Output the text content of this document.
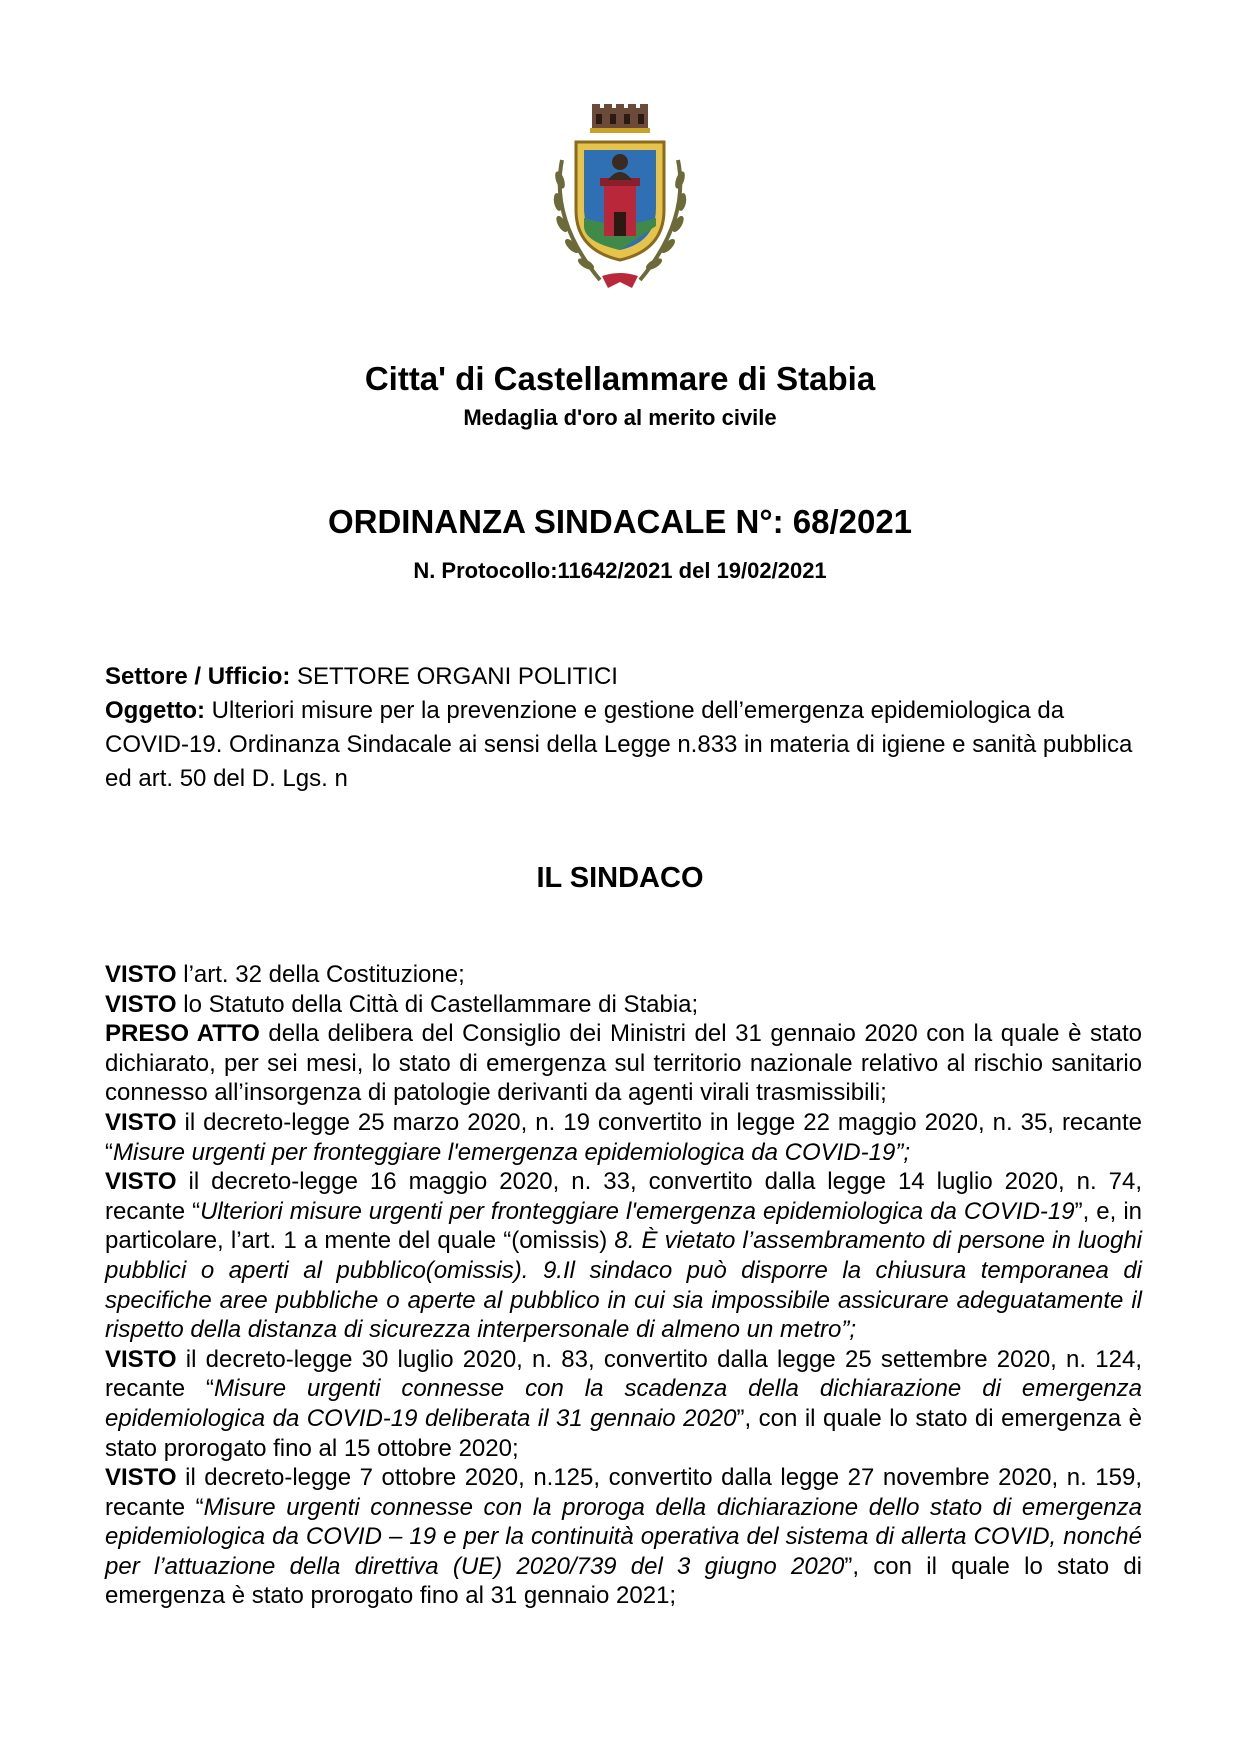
Citta' di Castellammare di Stabia
Medaglia d'oro al merito civile
ORDINANZA SINDACALE N°: 68/2021
N. Protocollo:11642/2021 del 19/02/2021
Settore / Ufficio: SETTORE ORGANI POLITICI
Oggetto: Ulteriori misure per la prevenzione e gestione dell’emergenza epidemiologica da COVID-19. Ordinanza Sindacale ai sensi della Legge n.833 in materia di igiene e sanità pubblica ed art. 50 del D. Lgs. n
IL SINDACO

VISTO l’art. 32 della Costituzione;

VISTO lo Statuto della Città di Castellammare di Stabia;

PRESO ATTO della delibera del Consiglio dei Ministri del 31 gennaio 2020 con la quale è stato dichiarato, per sei mesi, lo stato di emergenza sul territorio nazionale relativo al rischio sanitario connesso all’insorgenza di patologie derivanti da agenti virali trasmissibili;

VISTO il decreto-legge 25 marzo 2020, n. 19 convertito in legge 22 maggio 2020, n. 35, recante “Misure urgenti per fronteggiare l'emergenza epidemiologica da COVID-19”;

VISTO il decreto-legge 16 maggio 2020, n. 33, convertito dalla legge 14 luglio 2020, n. 74, recante “Ulteriori misure urgenti per fronteggiare l'emergenza epidemiologica da COVID-19”, e, in particolare, l’art. 1 a mente del quale “(omissis) 8. È vietato l’assembramento di persone in luoghi pubblici o aperti al pubblico(omissis). 9.Il sindaco può disporre la chiusura temporanea di specifiche aree pubbliche o aperte al pubblico in cui sia impossibile assicurare adeguatamente il rispetto della distanza di sicurezza interpersonale di almeno un metro”;

VISTO il decreto-legge 30 luglio 2020, n. 83, convertito dalla legge 25 settembre 2020, n. 124, recante “Misure urgenti connesse con la scadenza della dichiarazione di emergenza epidemiologica da COVID-19 deliberata il 31 gennaio 2020”, con il quale lo stato di emergenza è stato prorogato fino al 15 ottobre 2020;

VISTO il decreto-legge 7 ottobre 2020, n.125, convertito dalla legge 27 novembre 2020, n. 159, recante “Misure urgenti connesse con la proroga della dichiarazione dello stato di emergenza epidemiologica da COVID – 19 e per la continuità operativa del sistema di allerta COVID, nonché per l’attuazione della direttiva (UE) 2020/739 del 3 giugno 2020”, con il quale lo stato di emergenza è stato prorogato fino al 31 gennaio 2021;
